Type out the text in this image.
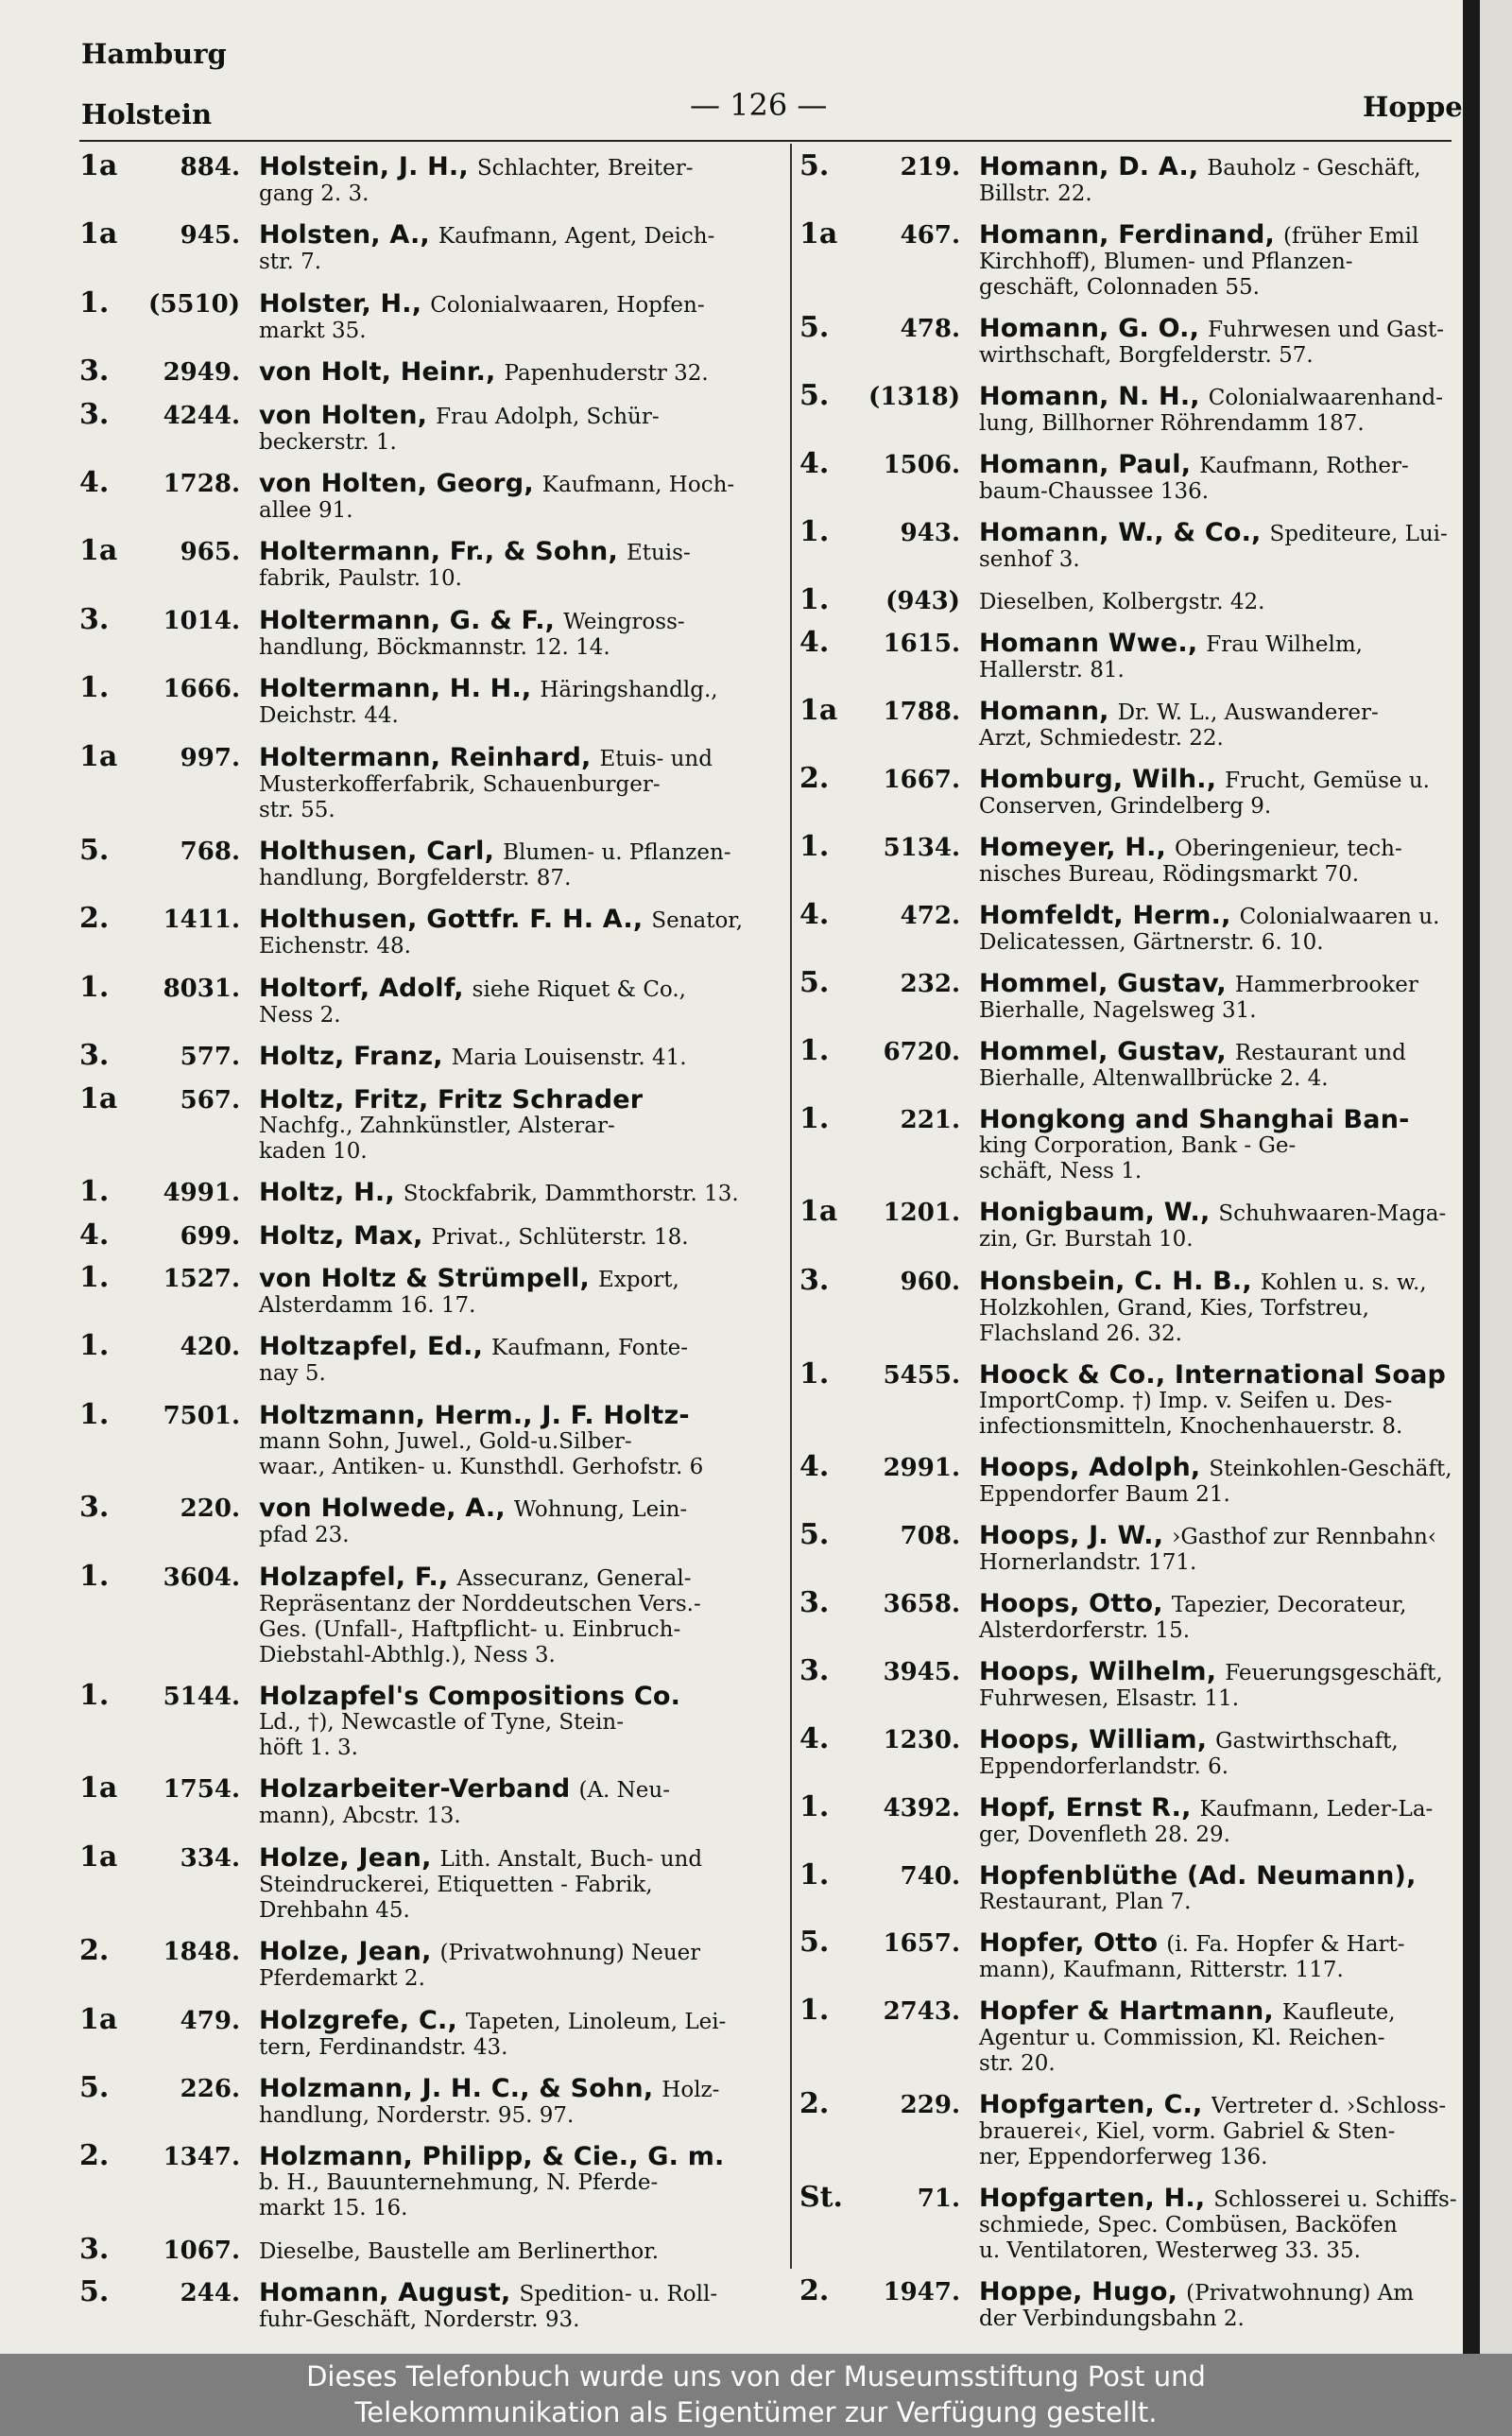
Hamburg
Holstein	— 126 —	Hoppe
1a	884. Holstein, J. H., Schlachter, Breiter-
gang 2. 3.
1a	945. Holsten, A., Kaufmann, Agent, Deich-
str. 7.
1.	(5510) Holster, H., Colonialwaaren, Hopfen-
markt 35.
3.	2949. von Holt, Heinr., Papenhuderstr 32.
3.	4244. von Holten, Frau Adolph, Schür-
beckerstr. 1.
4.	1728. von Holten, Georg, Kaufmann, Hoch-
allee 91.
1a	965. Holtermann, Fr., & Sohn, Etuis-
fabrik, Paulstr. 10.
3.	1014. Holtermann, G. & F., Weingross-
handlung, Böckmannstr. 12. 14.
1.	1666. Holtermann, H. H., Häringshandlg.,
Deichstr. 44.
1a	997. Holtermann, Reinhard, Etuis- und
Musterkofferfabrik, Schauenburger-
str. 55.
5.	768. Holthusen, Carl, Blumen- u. Pflanzen-
handlung, Borgfelderstr. 87.
2.	1411. Holthusen, Gottfr. F. H. A., Senator,
Eichenstr. 48.
1.	8031. Holtorf, Adolf, siehe Riquet & Co.,
Ness 2.
3.	577. Holtz, Franz, Maria Louisenstr. 41.
1a	567. Holtz, Fritz, Fritz Schrader
Nachfg., Zahnkünstler, Alsterar-
kaden 10.
1.	4991. Holtz, H., Stockfabrik, Dammthorstr. 13.
4.	699. Holtz, Max, Privat., Schlüterstr. 18.
1.	1527. von Holtz & Strümpell, Export,
Alsterdamm 16. 17.
1.	420. Holtzapfel, Ed., Kaufmann, Fonte-
nay 5.
1.	7501. Holtzmann, Herm., J. F. Holtz-
mann Sohn, Juwel., Gold-u.Silber-
waar., Antiken- u. Kunsthdl. Gerhofstr. 6
3.	220. von Holwede, A., Wohnung, Lein-
pfad 23.
1.	3604. Holzapfel, F., Assecuranz, General-
Repräsentanz der Norddeutschen Vers.-
Ges. (Unfall-, Haftpflicht- u. Einbruch-
Diebstahl-Abthlg.), Ness 3.
1.	5144. Holzapfel's Compositions Co.
Ld., †), Newcastle of Tyne, Stein-
höft 1. 3.
1a	1754. Holzarbeiter-Verband (A. Neu-
mann), Abcstr. 13.
1a	334. Holze, Jean, Lith. Anstalt, Buch- und
Steindruckerei, Etiquetten - Fabrik,
Drehbahn 45.
2.	1848. Holze, Jean, (Privatwohnung) Neuer
Pferdemarkt 2.
1a	479. Holzgrefe, C., Tapeten, Linoleum, Lei-
tern, Ferdinandstr. 43.
5.	226. Holzmann, J. H. C., & Sohn, Holz-
handlung, Norderstr. 95. 97.
2.	1347. Holzmann, Philipp, & Cie., G. m.
b. H., Bauunternehmung, N. Pferde-
markt 15. 16.
3.	1067. Dieselbe, Baustelle am Berlinerthor.
5.	244. Homann, August, Spedition- u. Roll-
fuhr-Geschäft, Norderstr. 93.
5.	219. Homann, D. A., Bauholz - Geschäft,
Billstr. 22.
1a	467. Homann, Ferdinand, (früher Emil
Kirchhoff), Blumen- und Pflanzen-
geschäft, Colonnaden 55.
5.	478. Homann, G. O., Fuhrwesen und Gast-
wirthschaft, Borgfelderstr. 57.
5.	(1318) Homann, N. H., Colonialwaarenhand-
lung, Billhorner Röhrendamm 187.
4.	1506. Homann, Paul, Kaufmann, Rother-
baum-Chaussee 136.
1.	943. Homann, W., & Co., Spediteure, Lui-
senhof 3.
1.	(943) Dieselben, Kolbergstr. 42.
4.	1615. Homann Wwe., Frau Wilhelm,
Hallerstr. 81.
1a	1788. Homann, Dr. W. L., Auswanderer-
Arzt, Schmiedestr. 22.
2.	1667. Homburg, Wilh., Frucht, Gemüse u.
Conserven, Grindelberg 9.
1.	5134. Homeyer, H., Oberingenieur, tech-
nisches Bureau, Rödingsmarkt 70.
4.	472. Homfeldt, Herm., Colonialwaaren u.
Delicatessen, Gärtnerstr. 6. 10.
5.	232. Hommel, Gustav, Hammerbrooker
Bierhalle, Nagelsweg 31.
1.	6720. Hommel, Gustav, Restaurant und
Bierhalle, Altenwallbrücke 2. 4.
1.	221. Hongkong and Shanghai Ban-
king Corporation, Bank - Ge-
schäft, Ness 1.
1a	1201. Honigbaum, W., Schuhwaaren-Maga-
zin, Gr. Burstah 10.
3.	960. Honsbein, C. H. B., Kohlen u. s. w.,
Holzkohlen, Grand, Kies, Torfstreu,
Flachsland 26. 32.
1.	5455. Hoock & Co., International Soap
ImportComp. †) Imp. v. Seifen u. Des-
infectionsmitteln, Knochenhauerstr. 8.
4.	2991. Hoops, Adolph, Steinkohlen-Geschäft,
Eppendorfer Baum 21.
5.	708. Hoops, J. W., ›Gasthof zur Rennbahn‹
Hornerlandstr. 171.
3.	3658. Hoops, Otto, Tapezier, Decorateur,
Alsterdorferstr. 15.
3.	3945. Hoops, Wilhelm, Feuerungsgeschäft,
Fuhrwesen, Elsastr. 11.
4.	1230. Hoops, William, Gastwirthschaft,
Eppendorferlandstr. 6.
1.	4392. Hopf, Ernst R., Kaufmann, Leder-La-
ger, Dovenfleth 28. 29.
1.	740. Hopfenblüthe (Ad. Neumann),
Restaurant, Plan 7.
5.	1657. Hopfer, Otto (i. Fa. Hopfer & Hart-
mann), Kaufmann, Ritterstr. 117.
1.	2743. Hopfer & Hartmann, Kaufleute,
Agentur u. Commission, Kl. Reichen-
str. 20.
2.	229. Hopfgarten, C., Vertreter d. ›Schloss-
brauerei‹, Kiel, vorm. Gabriel & Sten-
ner, Eppendorferweg 136.
St.	71. Hopfgarten, H., Schlosserei u. Schiffs-
schmiede, Spec. Combüsen, Backöfen
u. Ventilatoren, Westerweg 33. 35.
2.	1947. Hoppe, Hugo, (Privatwohnung) Am
der Verbindungsbahn 2.
Dieses Telefonbuch wurde uns von der Museumsstiftung Post und
Telekommunikation als Eigentümer zur Verfügung gestellt.
